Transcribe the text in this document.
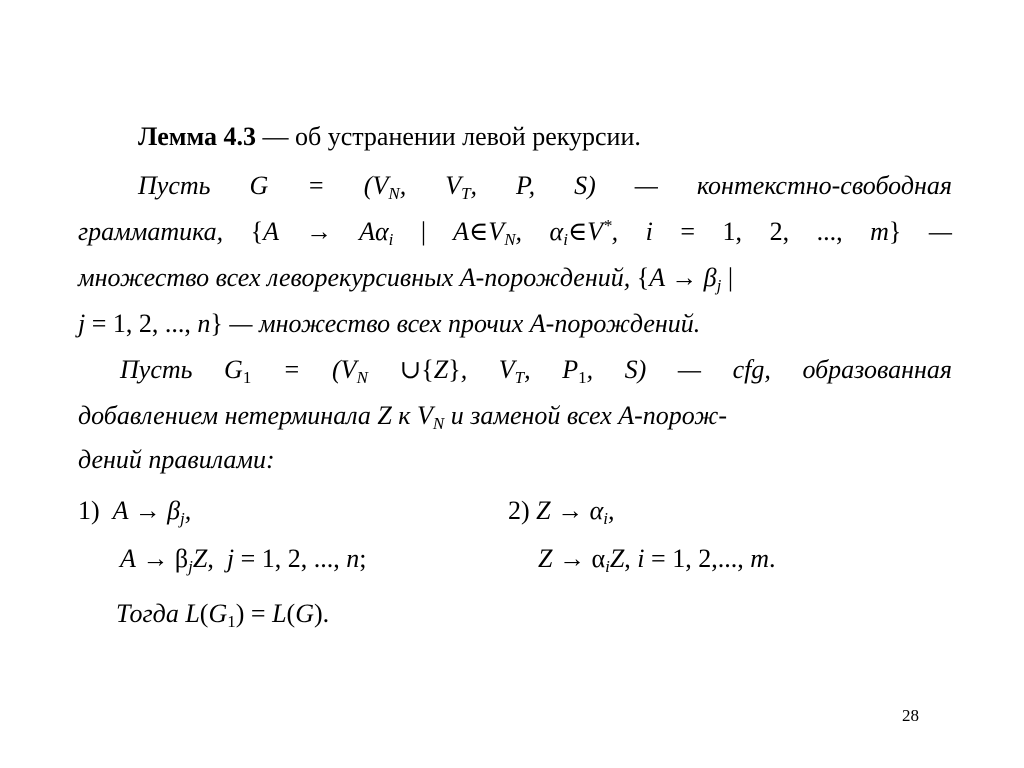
Лемма 4.3 — об устранении левой рекурсии.
Пусть $G = (V_N$, $V_T$, P, S) — контекстно-свободная
грамматика, {$A \to A\alpha_i$ | $A\in V_N$, $\alpha_i\in V^*$, i = 1, 2, ..., m} —
множество всех леворекурсивных A-порождений, {$A \to \beta_j$ |
j = 1, 2, ..., n} — множество всех прочих A-порождений.
Пусть $G_1 = (V_N$ ∪{Z}, $V_T$, $P_1$, S) — cfg, образованная
добавлением нетерминала Z к $V_N$ и заменой всех A-порож-
дений правилами:
1) $A \to \beta_j$,	2) $Z \to \alpha_i$,
$A \to \beta_jZ$,  j = 1, 2, ..., n;	$Z \to \alpha_iZ$, i = 1, 2,..., m.
Тогда $L(G_1) = L(G)$.
28
